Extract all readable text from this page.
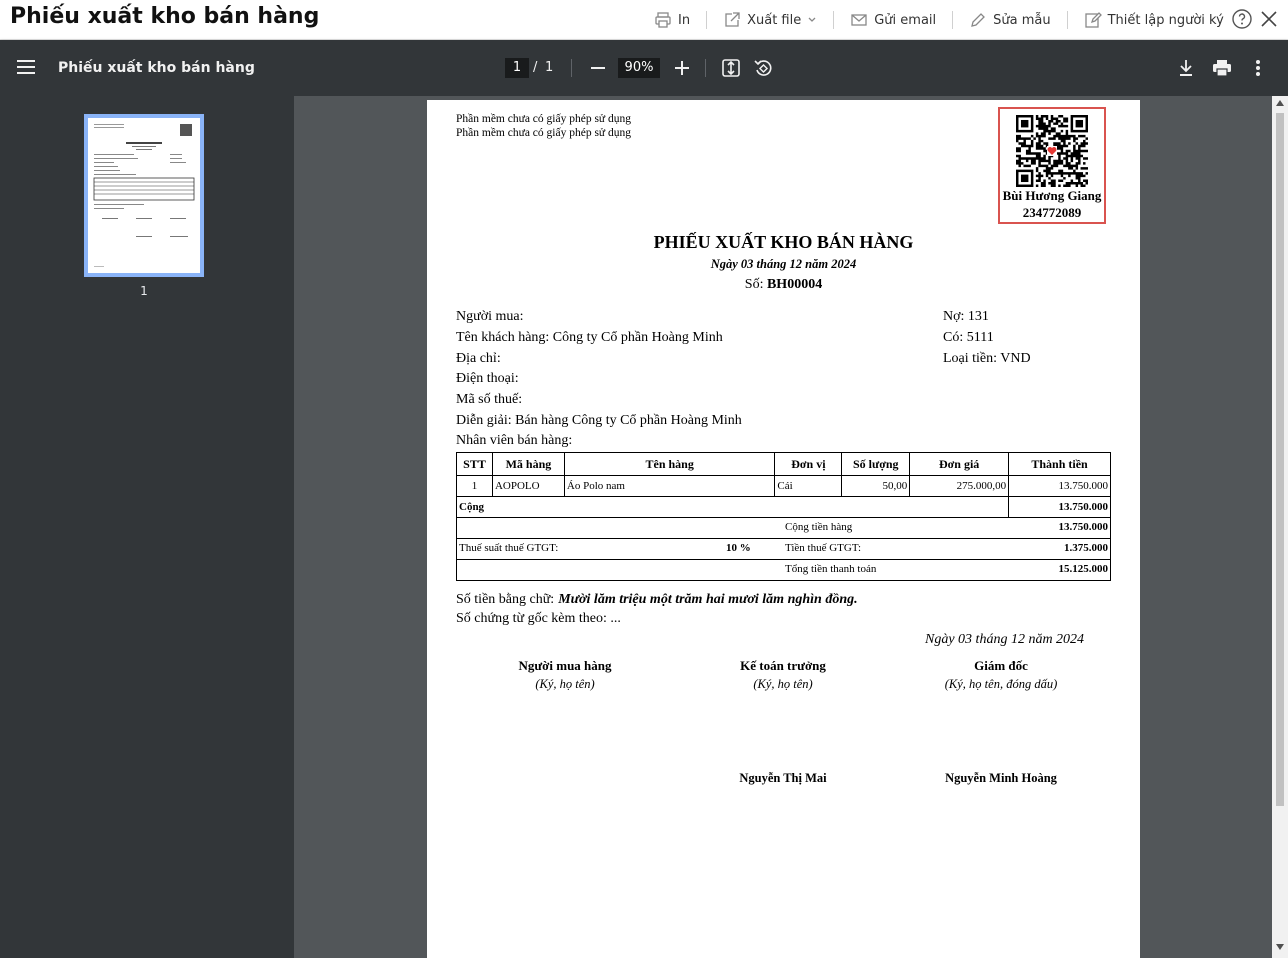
Phiếu xuất kho bán hàng	In	Xuất file	Gửi email	Sửa mẫu	Thiết lập người ký
Phiếu xuất kho bán hàng	1 / 1	90%
1
Phần mềm chưa có giấy phép sử dụng
Phần mềm chưa có giấy phép sử dụng
Bùi Hương Giang
234772089
PHIẾU XUẤT KHO BÁN HÀNG
Ngày 03 tháng 12 năm 2024
Số: BH00004
Người mua:
Tên khách hàng: Công ty Cổ phần Hoàng Minh
Địa chỉ:
Điện thoại:
Mã số thuế:
Diễn giải: Bán hàng Công ty Cổ phần Hoàng Minh
Nhân viên bán hàng:
Nợ: 131
Có: 5111
Loại tiền: VND
STT	Mã hàng	Tên hàng	Đơn vị	Số lượng	Đơn giá	Thành tiền
1	AOPOLO	Áo Polo nam	Cái	50,00	275.000,00	13.750.000
Cộng						13.750.000

Cộng tiền hàng 13.750.000						

Thuế suất thuế GTGT: 10 % Tiền thuế GTGT: 1.375.000						

Tổng tiền thanh toán 15.125.000						
Số tiền bằng chữ: Mười lăm triệu một trăm hai mươi lăm nghìn đồng.
Số chứng từ gốc kèm theo: ...
Ngày 03 tháng 12 năm 2024
Người mua hàng
(Ký, họ tên)
Kế toán trưởng
(Ký, họ tên)
Nguyễn Thị Mai
Giám đốc
(Ký, họ tên, đóng dấu)
Nguyễn Minh Hoàng
